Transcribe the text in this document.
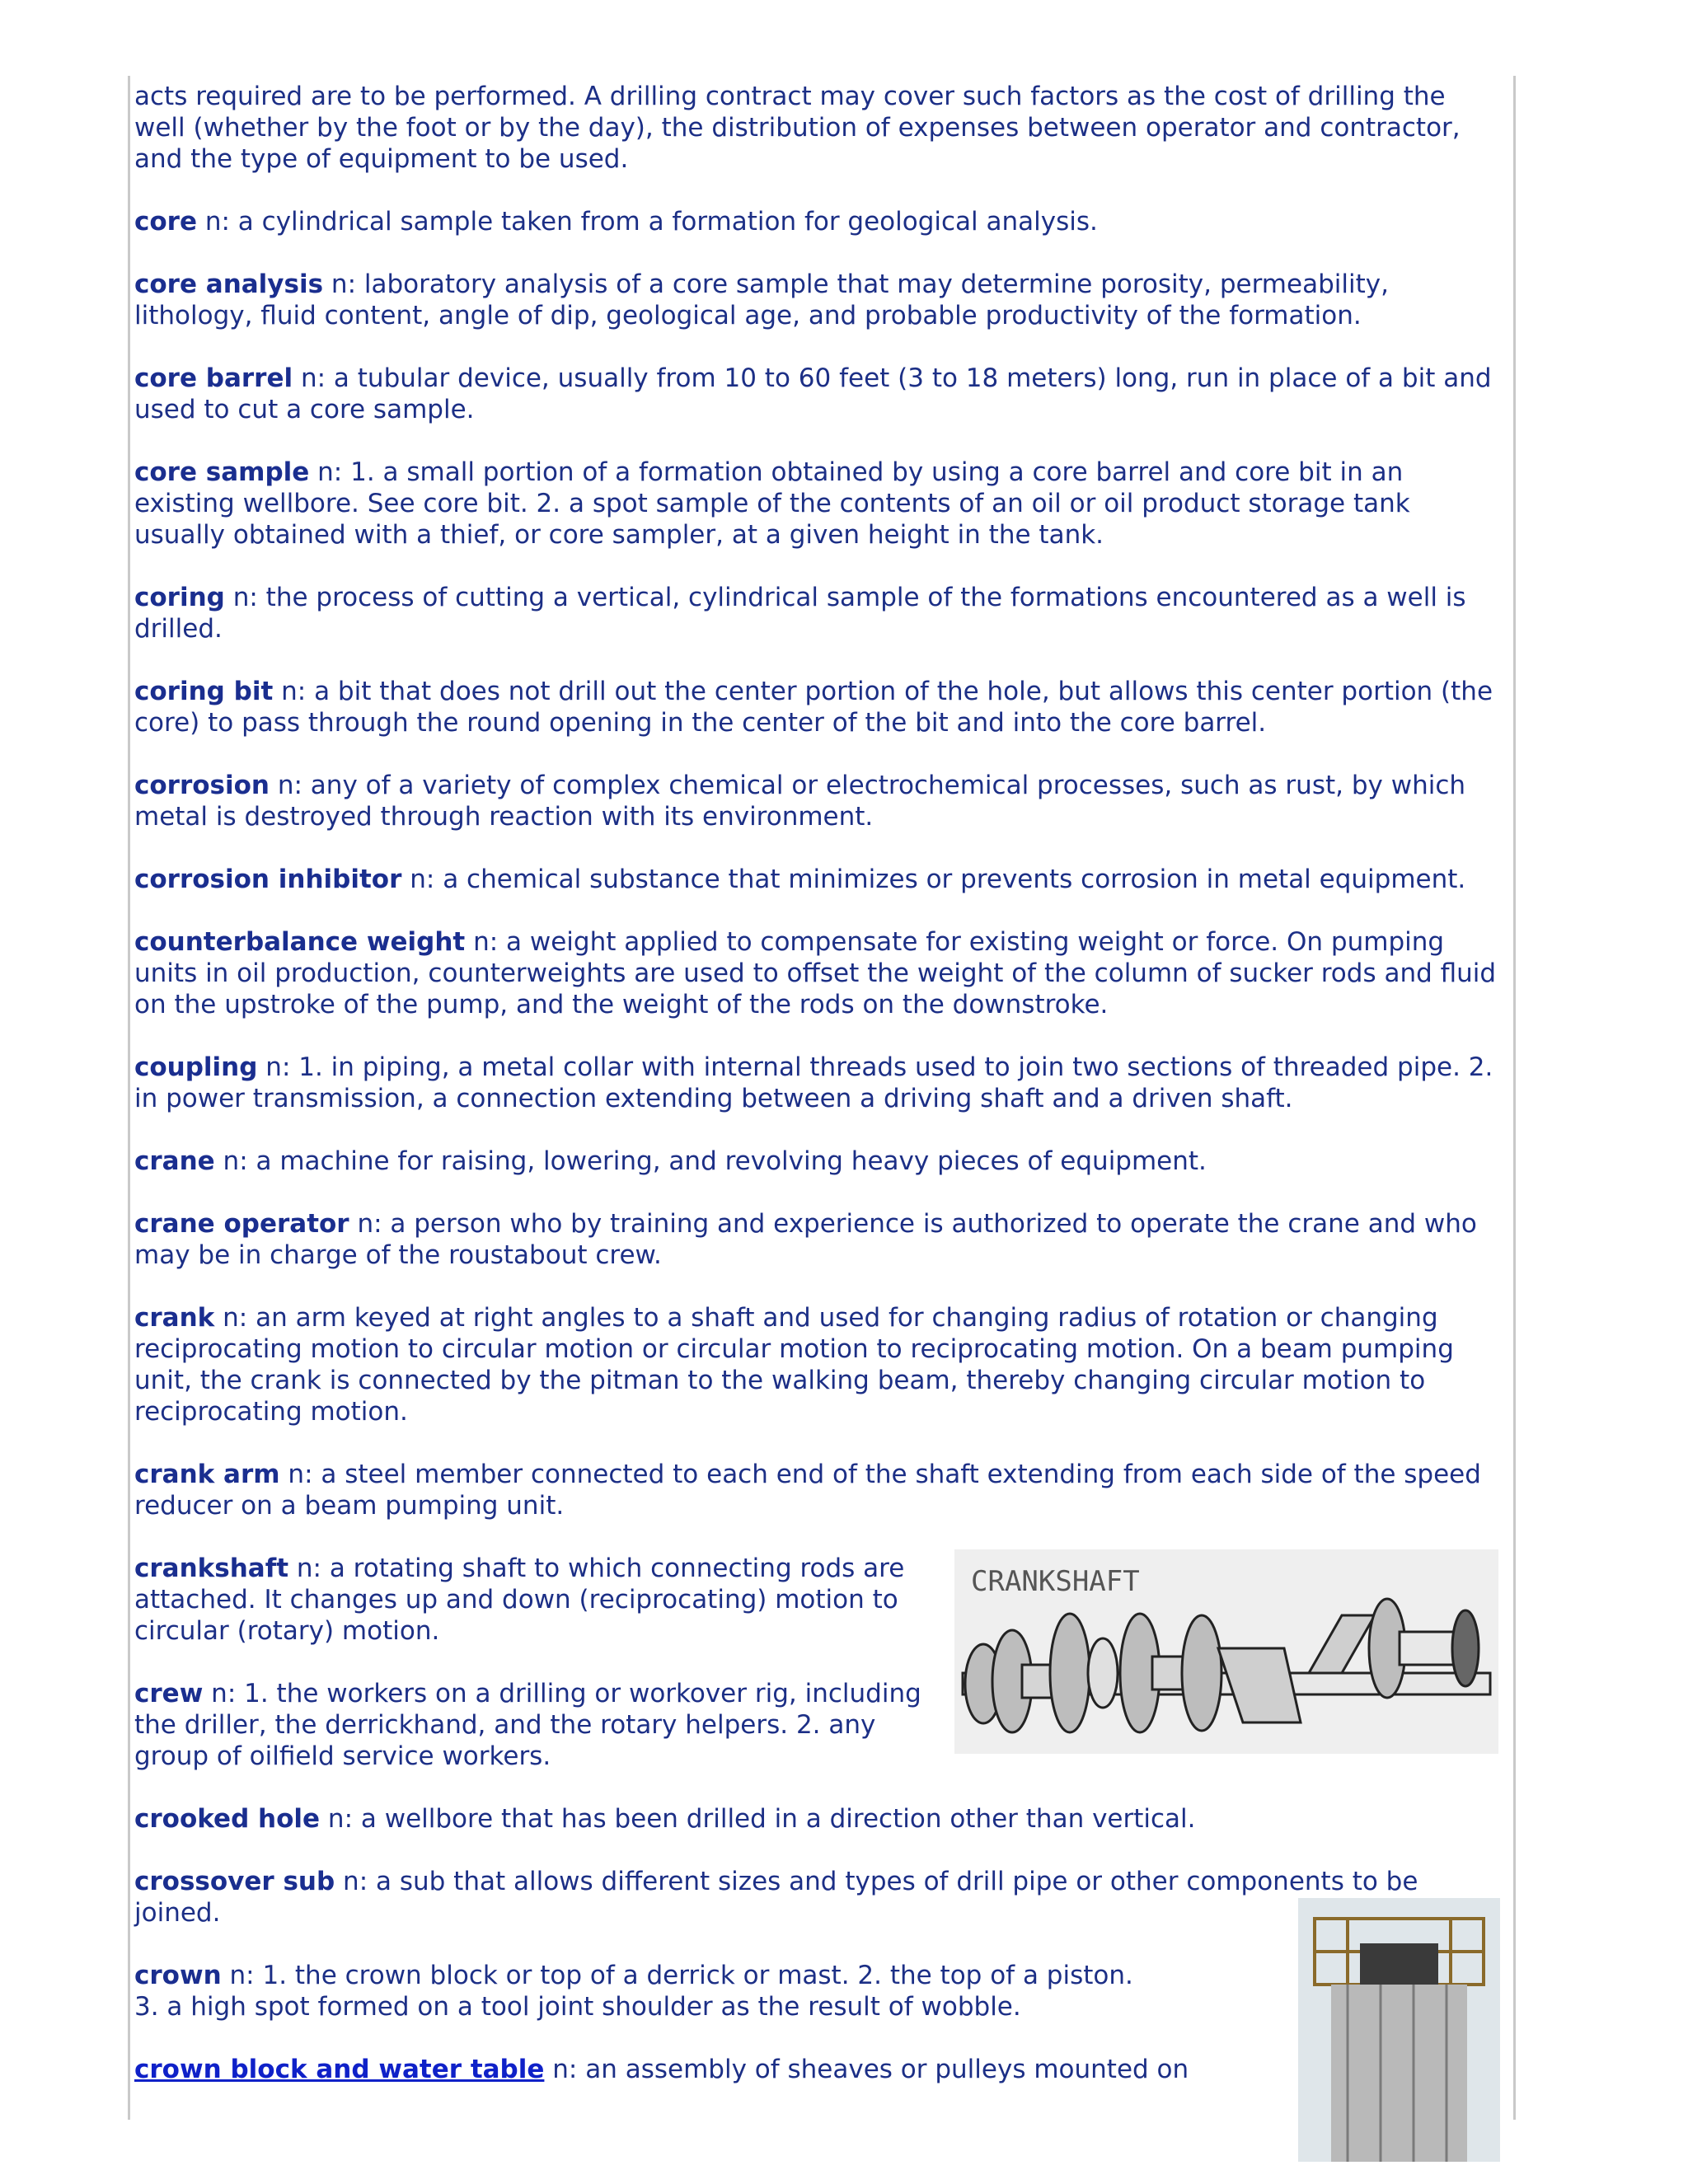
acts required are to be performed. A drilling contract may cover such factors as the cost of drilling the well (whether by the foot or by the day), the distribution of expenses between operator and contractor, and the type of equipment to be used.
core n: a cylindrical sample taken from a formation for geological analysis.
core analysis n: laboratory analysis of a core sample that may determine porosity, permeability, lithology, fluid content, angle of dip, geological age, and probable productivity of the formation.
core barrel n: a tubular device, usually from 10 to 60 feet (3 to 18 meters) long, run in place of a bit and used to cut a core sample.
core sample n: 1. a small portion of a formation obtained by using a core barrel and core bit in an existing wellbore. See core bit. 2. a spot sample of the contents of an oil or oil product storage tank usually obtained with a thief, or core sampler, at a given height in the tank.
coring n: the process of cutting a vertical, cylindrical sample of the formations encountered as a well is drilled.
coring bit n: a bit that does not drill out the center portion of the hole, but allows this center portion (the core) to pass through the round opening in the center of the bit and into the core barrel.
corrosion n: any of a variety of complex chemical or electrochemical processes, such as rust, by which metal is destroyed through reaction with its environment.
corrosion inhibitor n: a chemical substance that minimizes or prevents corrosion in metal equipment.
counterbalance weight n: a weight applied to compensate for existing weight or force. On pumping units in oil production, counterweights are used to offset the weight of the column of sucker rods and fluid on the upstroke of the pump, and the weight of the rods on the downstroke.
coupling n: 1. in piping, a metal collar with internal threads used to join two sections of threaded pipe. 2. in power transmission, a connection extending between a driving shaft and a driven shaft.
crane n: a machine for raising, lowering, and revolving heavy pieces of equipment.
crane operator n: a person who by training and experience is authorized to operate the crane and who may be in charge of the roustabout crew.
crank n: an arm keyed at right angles to a shaft and used for changing radius of rotation or changing reciprocating motion to circular motion or circular motion to reciprocating motion. On a beam pumping unit, the crank is connected by the pitman to the walking beam, thereby changing circular motion to reciprocating motion.
crank arm n: a steel member connected to each end of the shaft extending from each side of the speed reducer on a beam pumping unit.
crankshaft n: a rotating shaft to which connecting rods are attached. It changes up and down (reciprocating) motion to circular (rotary) motion.
crew n: 1. the workers on a drilling or workover rig, including the driller, the derrickhand, and the rotary helpers. 2. any group of oilfield service workers.
crooked hole n: a wellbore that has been drilled in a direction other than vertical.
crossover sub n: a sub that allows different sizes and types of drill pipe or other components to be joined.
crown n: 1. the crown block or top of a derrick or mast. 2. the top of a piston.
3. a high spot formed on a tool joint shoulder as the result of wobble.
crown block and water table n: an assembly of sheaves or pulleys mounted on
CRANKSHAFT
